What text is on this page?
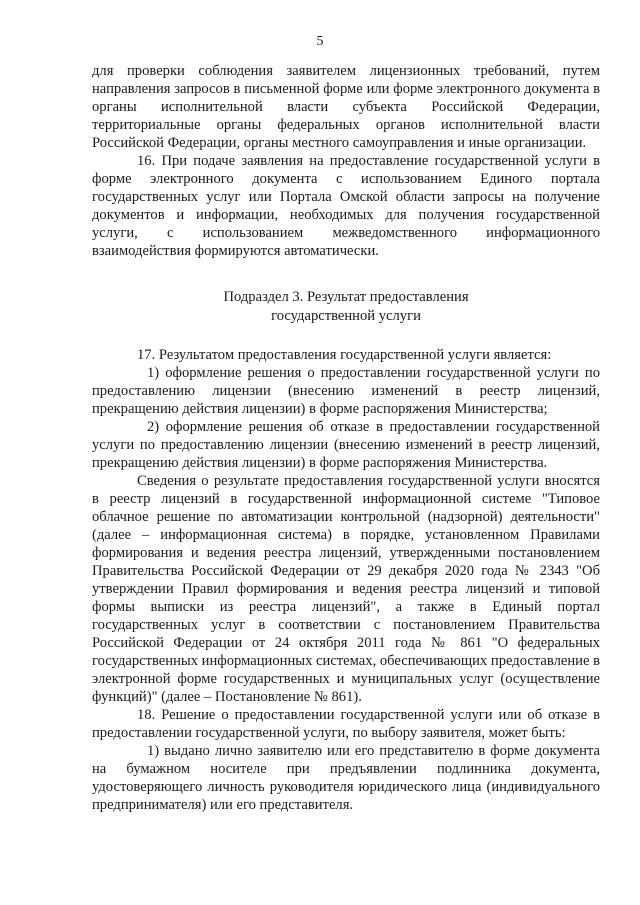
5

для проверки соблюдения заявителем лицензионных требований, путем направления запросов в письменной форме или форме электронного документа в органы исполнительной власти субъекта Российской Федерации, территориальные органы федеральных органов исполнительной власти Российской Федерации, органы местного самоуправления и иные организации.

16. При подаче заявления на предоставление государственной услуги в форме электронного документа с использованием Единого портала государственных услуг или Портала Омской области запросы на получение документов и информации, необходимых для получения государственной услуги, с использованием межведомственного информационного взаимодействия формируются автоматически.

Подраздел 3. Результат предоставления
государственной услуги

17. Результатом предоставления государственной услуги является:

1) оформление решения о предоставлении государственной услуги по предоставлению лицензии (внесению изменений в реестр лицензий, прекращению действия лицензии) в форме распоряжения Министерства;

2) оформление решения об отказе в предоставлении государственной услуги по предоставлению лицензии (внесению изменений в реестр лицензий, прекращению действия лицензии) в форме распоряжения Министерства.

Сведения о результате предоставления государственной услуги вносятся в реестр лицензий в государственной информационной системе "Типовое облачное решение по автоматизации контрольной (надзорной) деятельности" (далее – информационная система) в порядке, установленном Правилами формирования и ведения реестра лицензий, утвержденными постановлением Правительства Российской Федерации от 29 декабря 2020 года № 2343 "Об утверждении Правил формирования и ведения реестра лицензий и типовой формы выписки из реестра лицензий", а также в Единый портал государственных услуг в соответствии с постановлением Правительства Российской Федерации от 24 октября 2011 года № 861 "О федеральных государственных информационных системах, обеспечивающих предоставление в электронной форме государственных и муниципальных услуг (осуществление функций)" (далее – Постановление № 861).

18. Решение о предоставлении государственной услуги или об отказе в предоставлении государственной услуги, по выбору заявителя, может быть:

1) выдано лично заявителю или его представителю в форме документа на бумажном носителе при предъявлении подлинника документа, удостоверяющего личность руководителя юридического лица (индивидуального предпринимателя) или его представителя.
